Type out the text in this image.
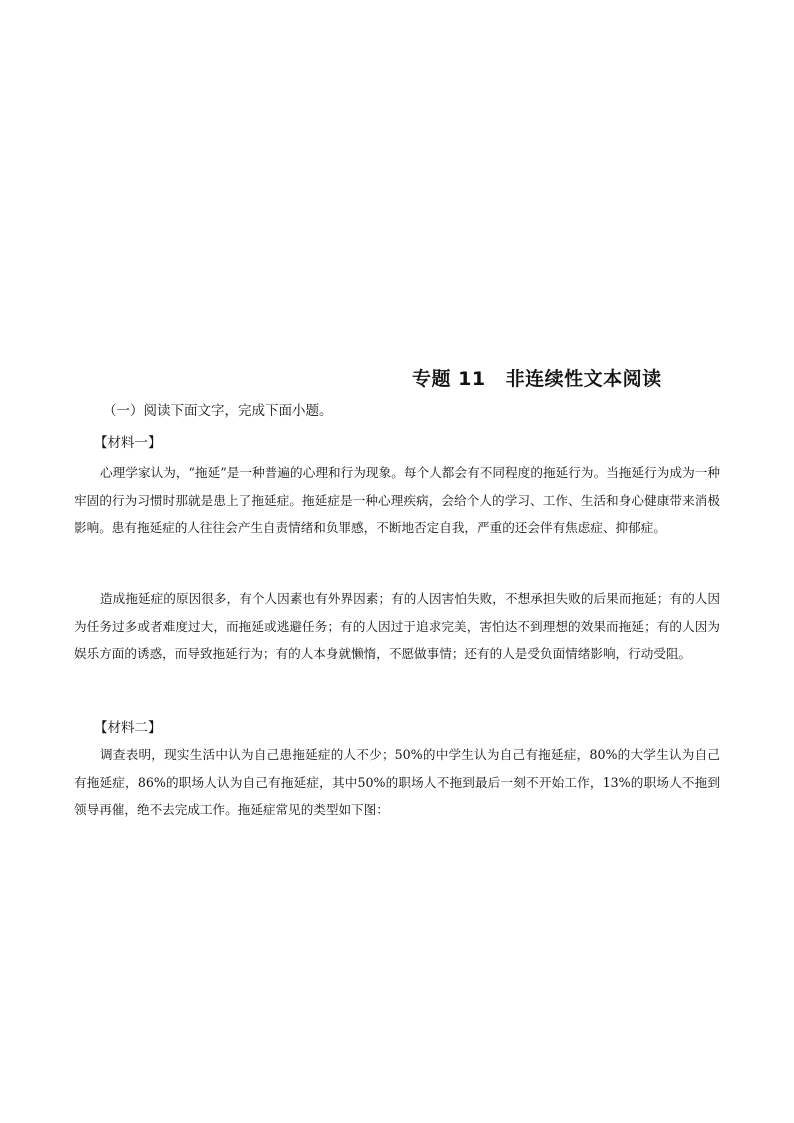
专题 11 非连续性文本阅读
（一）阅读下面文字，完成下面小题。
【材料一】

心理学家认为，“拖延”是一种普遍的心理和行为现象。每个人都会有不同程度的拖延行为。当拖延行为成为一种牢固的行为习惯时那就是患上了拖延症。拖延症是一种心理疾病，会给个人的学习、工作、生活和身心健康带来消极影响。患有拖延症的人往往会产生自责情绪和负罪感，不断地否定自我，严重的还会伴有焦虑症、抑郁症。

造成拖延症的原因很多，有个人因素也有外界因素；有的人因害怕失败，不想承担失败的后果而拖延；有的人因为任务过多或者难度过大，而拖延或逃避任务；有的人因过于追求完美，害怕达不到理想的效果而拖延；有的人因为娱乐方面的诱惑，而导致拖延行为；有的人本身就懒惰，不愿做事情；还有的人是受负面情绪影响，行动受阻。

【材料二】

调查表明，现实生活中认为自己患拖延症的人不少；50%的中学生认为自己有拖延症，80%的大学生认为自己有拖延症，86%的职场人认为自己有拖延症，其中50%的职场人不拖到最后一刻不开始工作，13%的职场人不拖到领导再催，绝不去完成工作。拖延症常见的类型如下图：
